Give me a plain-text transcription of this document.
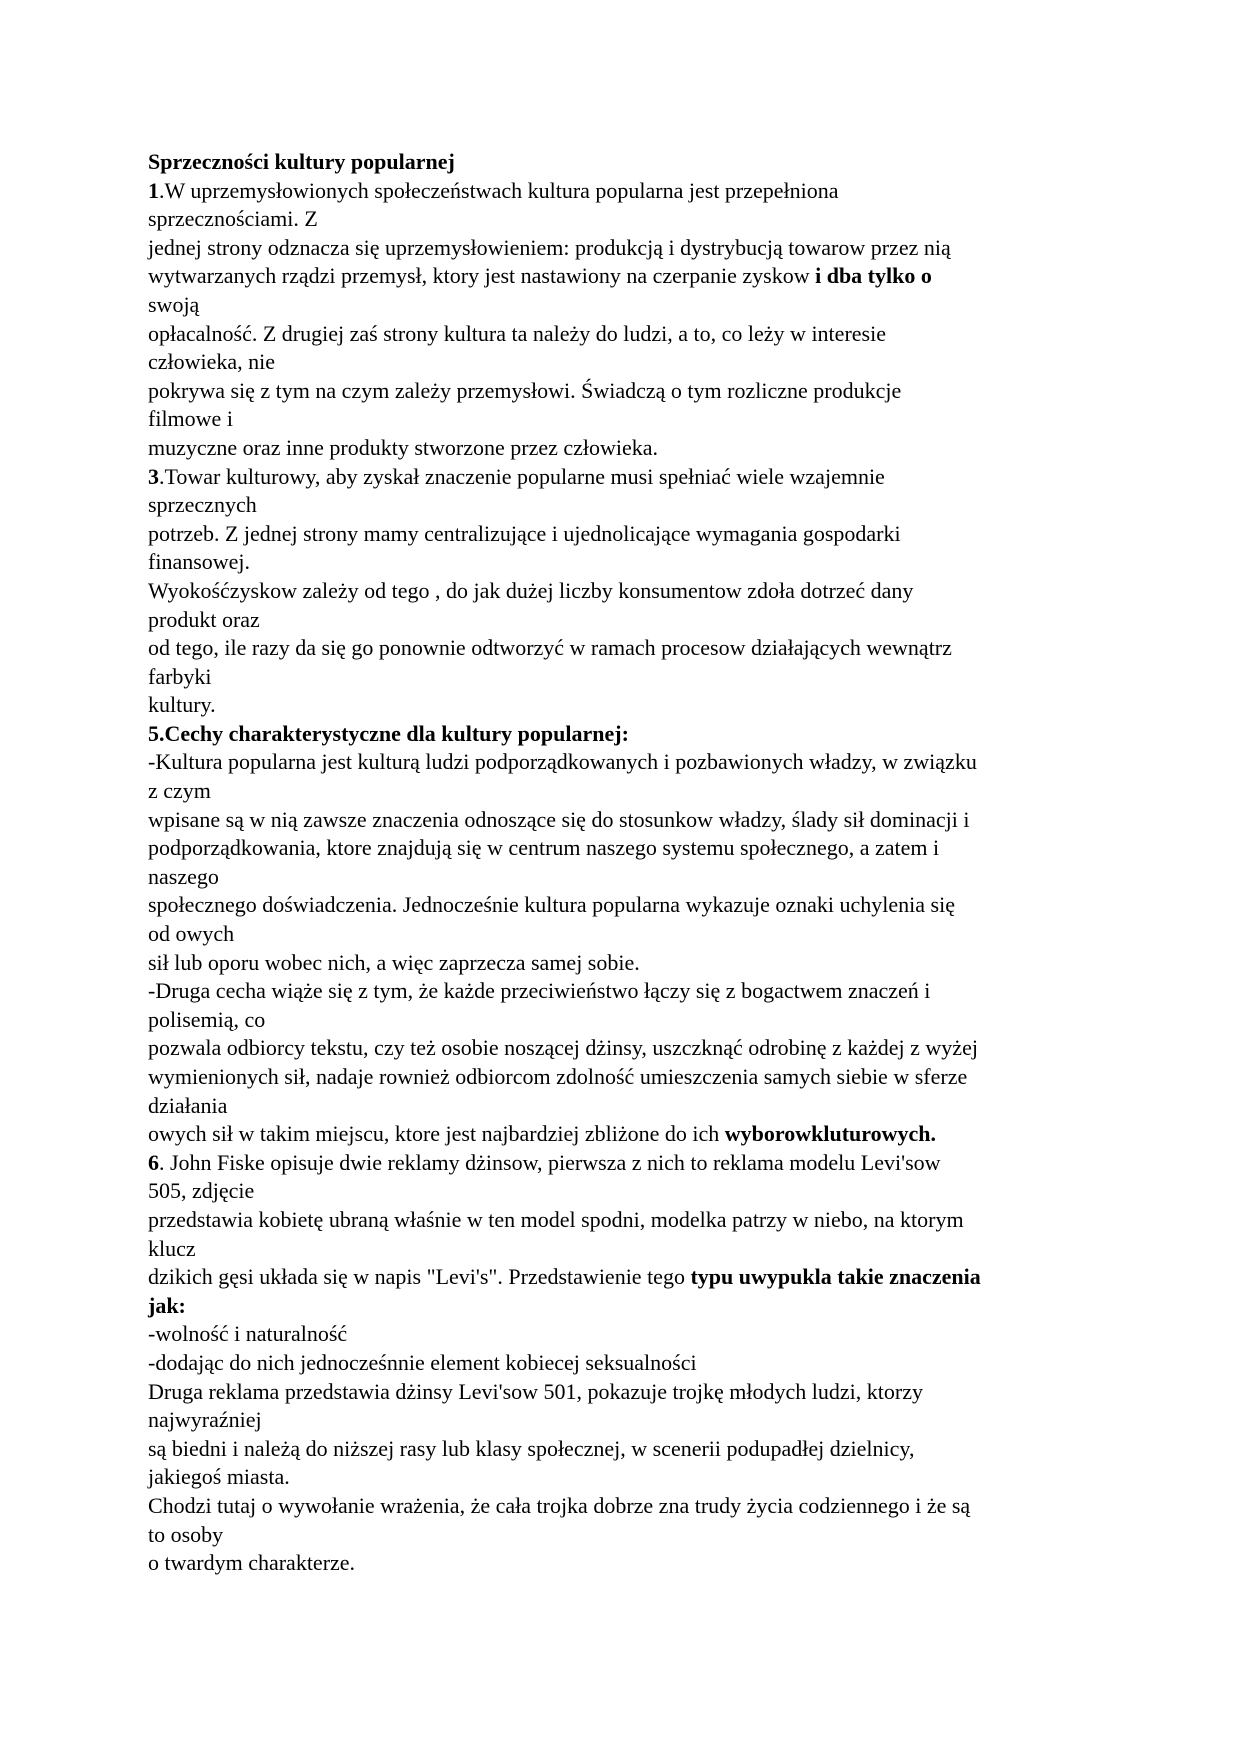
Sprzeczności kultury popularnej
1.W uprzemysłowionych społeczeństwach kultura popularna jest przepełniona
sprzecznościami. Z
jednej strony odznacza się uprzemysłowieniem: produkcją i dystrybucją towarow przez nią
wytwarzanych rządzi przemysł, ktory jest nastawiony na czerpanie zyskow i dba tylko o
swoją
opłacalność. Z drugiej zaś strony kultura ta należy do ludzi, a to, co leży w interesie
człowieka, nie
pokrywa się z tym na czym zależy przemysłowi. Świadczą o tym rozliczne produkcje
filmowe i
muzyczne oraz inne produkty stworzone przez człowieka.
3.Towar kulturowy, aby zyskał znaczenie popularne musi spełniać wiele wzajemnie
sprzecznych
potrzeb. Z jednej strony mamy centralizujące i ujednolicające wymagania gospodarki
finansowej.
Wyokośćzyskow zależy od tego , do jak dużej liczby konsumentow zdoła dotrzeć dany
produkt oraz
od tego, ile razy da się go ponownie odtworzyć w ramach procesow działających wewnątrz
farbyki
kultury.
5.Cechy charakterystyczne dla kultury popularnej:
-Kultura popularna jest kulturą ludzi podporządkowanych i pozbawionych władzy, w związku
z czym
wpisane są w nią zawsze znaczenia odnoszące się do stosunkow władzy, ślady sił dominacji i
podporządkowania, ktore znajdują się w centrum naszego systemu społecznego, a zatem i
naszego
społecznego doświadczenia. Jednocześnie kultura popularna wykazuje oznaki uchylenia się
od owych
sił lub oporu wobec nich, a więc zaprzecza samej sobie.
-Druga cecha wiąże się z tym, że każde przeciwieństwo łączy się z bogactwem znaczeń i
polisemią, co
pozwala odbiorcy tekstu, czy też osobie noszącej dżinsy, uszczknąć odrobinę z każdej z wyżej
wymienionych sił, nadaje rownież odbiorcom zdolność umieszczenia samych siebie w sferze
działania
owych sił w takim miejscu, ktore jest najbardziej zbliżone do ich wyborowkluturowych.
6. John Fiske opisuje dwie reklamy dżinsow, pierwsza z nich to reklama modelu Levi'sow
505, zdjęcie
przedstawia kobietę ubraną właśnie w ten model spodni, modelka patrzy w niebo, na ktorym
klucz
dzikich gęsi układa się w napis "Levi's". Przedstawienie tego typu uwypukla takie znaczenia
jak:
-wolność i naturalność
-dodając do nich jednocześnnie element kobiecej seksualności
Druga reklama przedstawia dżinsy Levi'sow 501, pokazuje trojkę młodych ludzi, ktorzy
najwyraźniej
są biedni i należą do niższej rasy lub klasy społecznej, w scenerii podupadłej dzielnicy,
jakiegoś miasta.
Chodzi tutaj o wywołanie wrażenia, że cała trojka dobrze zna trudy życia codziennego i że są
to osoby
o twardym charakterze.
